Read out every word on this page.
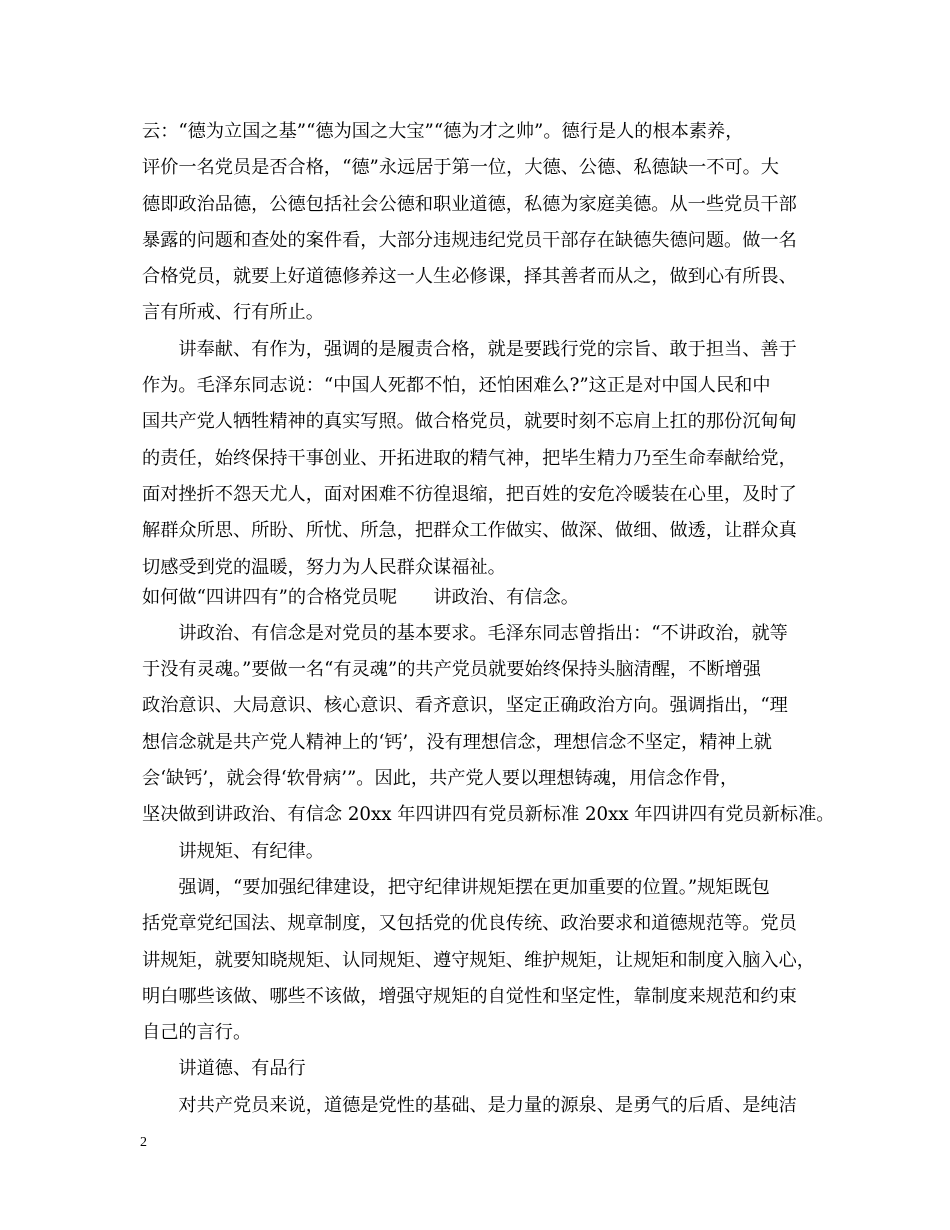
云：“德为立国之基”“德为国之大宝”“德为才之帅”。德行是人的根本素养，
评价一名党员是否合格，“德”永远居于第一位，大德、公德、私德缺一不可。大
德即政治品德，公德包括社会公德和职业道德，私德为家庭美德。从一些党员干部
暴露的问题和查处的案件看，大部分违规违纪党员干部存在缺德失德问题。做一名
合格党员，就要上好道德修养这一人生必修课，择其善者而从之，做到心有所畏、
言有所戒、行有所止。
　　讲奉献、有作为，强调的是履责合格，就是要践行党的宗旨、敢于担当、善于
作为。毛泽东同志说：“中国人死都不怕，还怕困难么?”这正是对中国人民和中
国共产党人牺牲精神的真实写照。做合格党员，就要时刻不忘肩上扛的那份沉甸甸
的责任，始终保持干事创业、开拓进取的精气神，把毕生精力乃至生命奉献给党，
面对挫折不怨天尤人，面对困难不彷徨退缩，把百姓的安危冷暖装在心里，及时了
解群众所思、所盼、所忧、所急，把群众工作做实、做深、做细、做透，让群众真
切感受到党的温暖，努力为人民群众谋福祉。
如何做“四讲四有”的合格党员呢　　讲政治、有信念。
　　讲政治、有信念是对党员的基本要求。毛泽东同志曾指出：“不讲政治，就等
于没有灵魂。”要做一名“有灵魂”的共产党员就要始终保持头脑清醒，不断增强
政治意识、大局意识、核心意识、看齐意识，坚定正确政治方向。强调指出，“理
想信念就是共产党人精神上的‘钙’，没有理想信念，理想信念不坚定，精神上就
会‘缺钙’，就会得‘软骨病’”。因此，共产党人要以理想铸魂，用信念作骨，
坚决做到讲政治、有信念 20xx 年四讲四有党员新标准 20xx 年四讲四有党员新标准。
　　讲规矩、有纪律。
　　强调，“要加强纪律建设，把守纪律讲规矩摆在更加重要的位置。”规矩既包
括党章党纪国法、规章制度，又包括党的优良传统、政治要求和道德规范等。党员
讲规矩，就要知晓规矩、认同规矩、遵守规矩、维护规矩，让规矩和制度入脑入心，
明白哪些该做、哪些不该做，增强守规矩的自觉性和坚定性，靠制度来规范和约束
自己的言行。
　　讲道德、有品行
　　对共产党员来说，道德是党性的基础、是力量的源泉、是勇气的后盾、是纯洁
2
